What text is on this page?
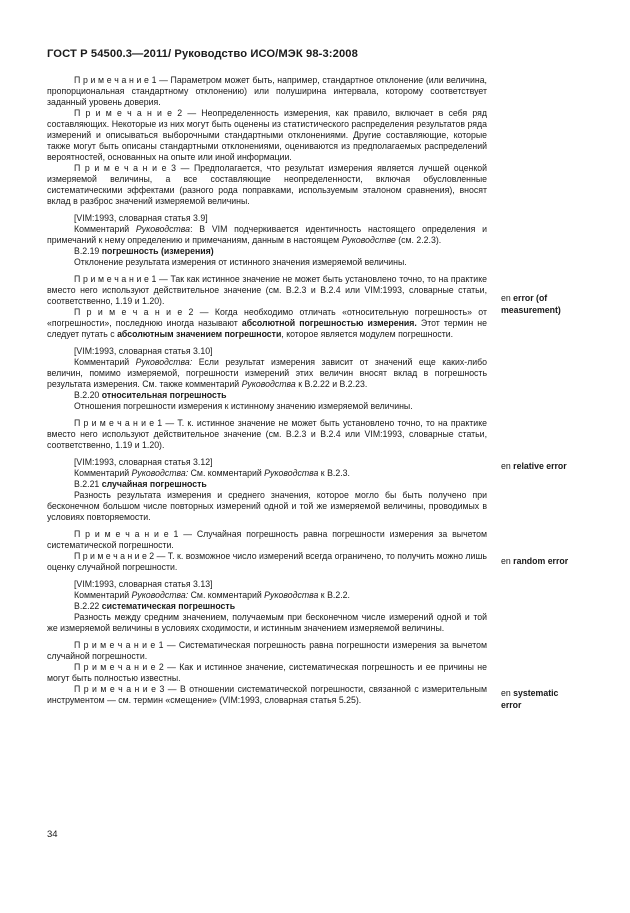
ГОСТ Р 54500.3—2011/ Руководство ИСО/МЭК 98-3:2008

П р и м е ч а н и е 1 — Параметром может быть, например, стандартное отклонение (или величина, пропорциональная стандартному отклонению) или полуширина интервала, которому соответствует заданный уровень доверия.

П р и м е ч а н и е 2 — Неопределенность измерения, как правило, включает в себя ряд составляющих. Некоторые из них могут быть оценены из статистического распределения результатов ряда измерений и описываться выборочными стандартными отклонениями. Другие составляющие, которые также могут быть описаны стандартными отклонениями, оцениваются из предполагаемых распределений вероятностей, основанных на опыте или иной информации.

П р и м е ч а н и е 3 — Предполагается, что результат измерения является лучшей оценкой измеряемой величины, а все составляющие неопределенности, включая обусловленные систематическими эффектами (разного рода поправками, используемым эталоном сравнения), вносят вклад в разброс значений измеряемой величины.

[VIM:1993, словарная статья 3.9]

Комментарий Руководства: В VIM подчеркивается идентичность настоящего определения и примечаний к нему определению и примечаниям, данным в настоящем Руководстве (см. 2.2.3).

В.2.19 погрешность (измерения)

Отклонение результата измерения от истинного значения измеряемой величины.

П р и м е ч а н и е 1 — Так как истинное значение не может быть установлено точно, то на практике вместо него используют действительное значение (см. В.2.3 и В.2.4 или VIM:1993, словарные статьи, соответственно, 1.19 и 1.20).

П р и м е ч а н и е 2 — Когда необходимо отличать «относительную погрешность» от «погрешности», последнюю иногда называют абсолютной погрешностью измерения. Этот термин не следует путать с абсолютным значением погрешности, которое является модулем погрешности.

[VIM:1993, словарная статья 3.10]

Комментарий Руководства: Если результат измерения зависит от значений еще каких-либо величин, помимо измеряемой, погрешности измерений этих величин вносят вклад в погрешность результата измерения. См. также комментарий Руководства к В.2.22 и В.2.23.

В.2.20 относительная погрешность

Отношения погрешности измерения к истинному значению измеряемой величины.

П р и м е ч а н и е 1 — Т. к. истинное значение не может быть установлено точно, то на практике вместо него используют действительное значение (см. В.2.3 и В.2.4 или VIM:1993, словарные статьи, соответственно, 1.19 и 1.20).

[VIM:1993, словарная статья 3.12]

Комментарий Руководства: См. комментарий Руководства к В.2.3.

В.2.21 случайная погрешность

Разность результата измерения и среднего значения, которое могло бы быть получено при бесконечном большом числе повторных измерений одной и той же измеряемой величины, проводимых в условиях повторяемости.

П р и м е ч а н и е 1 — Случайная погрешность равна погрешности измерения за вычетом систематической погрешности.

П р и м е ч а н и е 2 — Т. к. возможное число измерений всегда ограничено, то получить можно лишь оценку случайной погрешности.

[VIM:1993, словарная статья 3.13]

Комментарий Руководства: См. комментарий Руководства к В.2.2.

В.2.22 систематическая погрешность

Разность между средним значением, получаемым при бесконечном числе измерений одной и той же измеряемой величины в условиях сходимости, и истинным значением измеряемой величины.

П р и м е ч а н и е 1 — Систематическая погрешность равна погрешности измерения за вычетом случайной погрешности.

П р и м е ч а н и е 2 — Как и истинное значение, систематическая погрешность и ее причины не могут быть полностью известны.

П р и м е ч а н и е 3 — В отношении систематической погрешности, связанной с измерительным инструментом — см. термин «смещение» (VIM:1993, словарная статья 5.25).

en error (of measurement)
en relative error
en random error
en systematic
error
34
